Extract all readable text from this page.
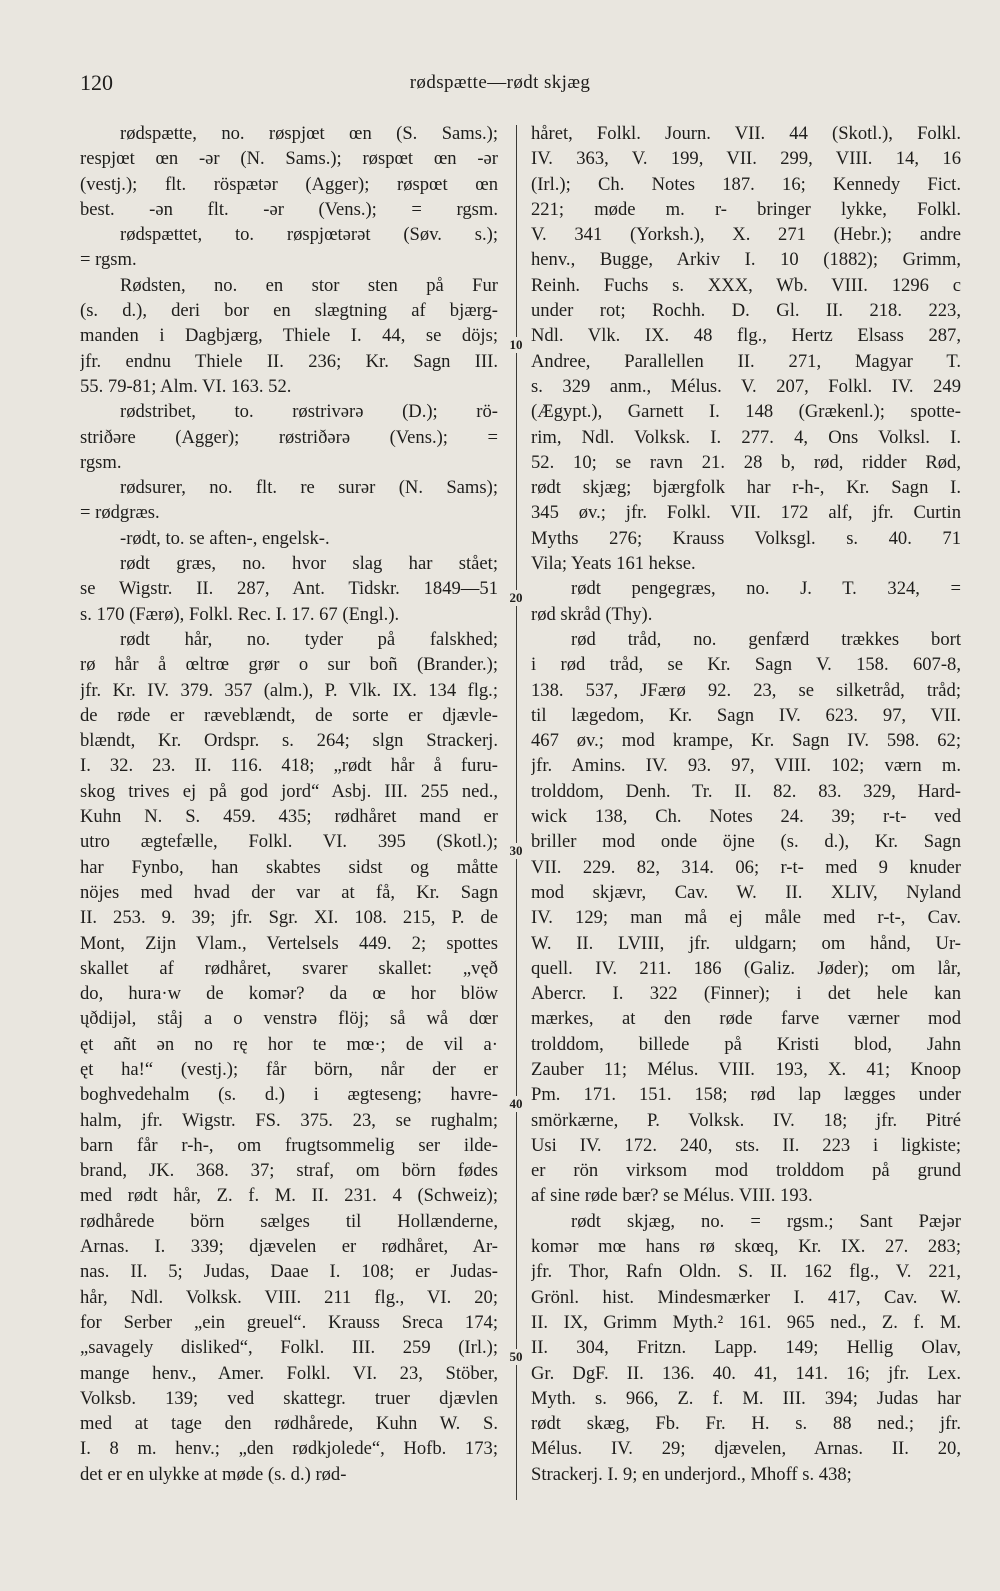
120	rødspætte—rødt skjæg
rødspætte, no. røspjœt œn (S. Sams.);
respjœt œn -ər (N. Sams.); røspœt œn -ər
(vestj.); flt. röspætər (Agger); røspœt œn
best. -ən flt. -ər (Vens.); = rgsm.
rødspættet, to. røspjœtərət (Søv. s.);
= rgsm.
Rødsten, no. en stor sten på Fur
(s. d.), deri bor en slægtning af bjærg-
manden i Dagbjærg, Thiele I. 44, se döjs;
jfr. endnu Thiele II. 236; Kr. Sagn III.
55. 79-81; Alm. VI. 163. 52.
rødstribet, to. røstrivərə (D.); rö-
striðəre (Agger); røstriðərə (Vens.); =
rgsm.
rødsurer, no. flt. re surər (N. Sams);
= rødgræs.
-rødt, to. se aften-, engelsk-.
rødt græs, no. hvor slag har stået;
se Wigstr. II. 287, Ant. Tidskr. 1849—51
s. 170 (Færø), Folkl. Rec. I. 17. 67 (Engl.).
rødt hår, no. tyder på falskhed;
rø hår å œltrœ grør o sur boñ (Brander.);
jfr. Kr. IV. 379. 357 (alm.), P. Vlk. IX. 134 flg.;
de røde er ræveblændt, de sorte er djævle-
blændt, Kr. Ordspr. s. 264; slgn Strackerj.
I. 32. 23. II. 116. 418; „rødt hår å furu-
skog trives ej på god jord“ Asbj. III. 255 ned.,
Kuhn N. S. 459. 435; rødhåret mand er
utro ægtefælle, Folkl. VI. 395 (Skotl.);
har Fynbo, han skabtes sidst og måtte
nöjes med hvad der var at få, Kr. Sagn
II. 253. 9. 39; jfr. Sgr. XI. 108. 215, P. de
Mont, Zijn Vlam., Vertelsels 449. 2; spottes
skallet af rødhåret, svarer skallet: „vęð
do, hura·w de komər? da œ hor blöw
ųðdijəl, ståj a o venstrə flöj; så wå dœr
ęt añt ən no rę hor te mœ·; de vil a·
ęt ha!“ (vestj.); får börn, når der er
boghvedehalm (s. d.) i ægteseng; havre-
halm, jfr. Wigstr. FS. 375. 23, se rughalm;
barn får r-h-, om frugtsommelig ser ilde-
brand, JK. 368. 37; straf, om börn fødes
med rødt hår, Z. f. M. II. 231. 4 (Schweiz);
rødhårede börn sælges til Hollænderne,
Arnas. I. 339; djævelen er rødhåret, Ar-
nas. II. 5; Judas, Daae I. 108; er Judas-
hår, Ndl. Volksk. VIII. 211 flg., VI. 20;
for Serber „ein greuel“. Krauss Sreca 174;
„savagely disliked“, Folkl. III. 259 (Irl.);
mange henv., Amer. Folkl. VI. 23, Stöber,
Volksb. 139; ved skattegr. truer djævlen
med at tage den rødhårede, Kuhn W. S.
I. 8 m. henv.; „den rødkjolede“, Hofb. 173;
det er en ulykke at møde (s. d.) rød-
håret, Folkl. Journ. VII. 44 (Skotl.), Folkl.
IV. 363, V. 199, VII. 299, VIII. 14, 16
(Irl.); Ch. Notes 187. 16; Kennedy Fict.
221; møde m. r- bringer lykke, Folkl.
V. 341 (Yorksh.), X. 271 (Hebr.); andre
henv., Bugge, Arkiv I. 10 (1882); Grimm,
Reinh. Fuchs s. XXX, Wb. VIII. 1296 c
under rot; Rochh. D. Gl. II. 218. 223,
Ndl. Vlk. IX. 48 flg., Hertz Elsass 287,
Andree, Parallellen II. 271, Magyar T.
s. 329 anm., Mélus. V. 207, Folkl. IV. 249
(Ægypt.), Garnett I. 148 (Grækenl.); spotte-
rim, Ndl. Volksk. I. 277. 4, Ons Volksl. I.
52. 10; se ravn 21. 28 b, rød, ridder Rød,
rødt skjæg; bjærgfolk har r-h-, Kr. Sagn I.
345 øv.; jfr. Folkl. VII. 172 alf, jfr. Curtin
Myths 276; Krauss Volksgl. s. 40. 71
Vila; Yeats 161 hekse.
rødt pengegræs, no. J. T. 324, =
rød skråd (Thy).
rød tråd, no. genfærd trækkes bort
i rød tråd, se Kr. Sagn V. 158. 607-8,
138. 537, JFærø 92. 23, se silketråd, tråd;
til lægedom, Kr. Sagn IV. 623. 97, VII.
467 øv.; mod krampe, Kr. Sagn IV. 598. 62;
jfr. Amins. IV. 93. 97, VIII. 102; værn m.
trolddom, Denh. Tr. II. 82. 83. 329, Hard-
wick 138, Ch. Notes 24. 39; r-t- ved
briller mod onde öjne (s. d.), Kr. Sagn
VII. 229. 82, 314. 06; r-t- med 9 knuder
mod skjævr, Cav. W. II. XLIV, Nyland
IV. 129; man må ej måle med r-t-, Cav.
W. II. LVIII, jfr. uldgarn; om hånd, Ur-
quell. IV. 211. 186 (Galiz. Jøder); om lår,
Abercr. I. 322 (Finner); i det hele kan
mærkes, at den røde farve værner mod
trolddom, billede på Kristi blod, Jahn
Zauber 11; Mélus. VIII. 193, X. 41; Knoop
Pm. 171. 151. 158; rød lap lægges under
smörkærne, P. Volksk. IV. 18; jfr. Pitré
Usi IV. 172. 240, sts. II. 223 i ligkiste;
er rön virksom mod trolddom på grund
af sine røde bær? se Mélus. VIII. 193.
rødt skjæg, no. = rgsm.; Sant Pæjər
komər mœ hans rø skœq, Kr. IX. 27. 283;
jfr. Thor, Rafn Oldn. S. II. 162 flg., V. 221,
Grönl. hist. Mindesmærker I. 417, Cav. W.
II. IX, Grimm Myth.² 161. 965 ned., Z. f. M.
II. 304, Fritzn. Lapp. 149; Hellig Olav,
Gr. DgF. II. 136. 40. 41, 141. 16; jfr. Lex.
Myth. s. 966, Z. f. M. III. 394; Judas har
rødt skæg, Fb. Fr. H. s. 88 ned.; jfr.
Mélus. IV. 29; djævelen, Arnas. II. 20,
Strackerj. I. 9; en underjord., Mhoff s. 438;
10
20
30
40
50
